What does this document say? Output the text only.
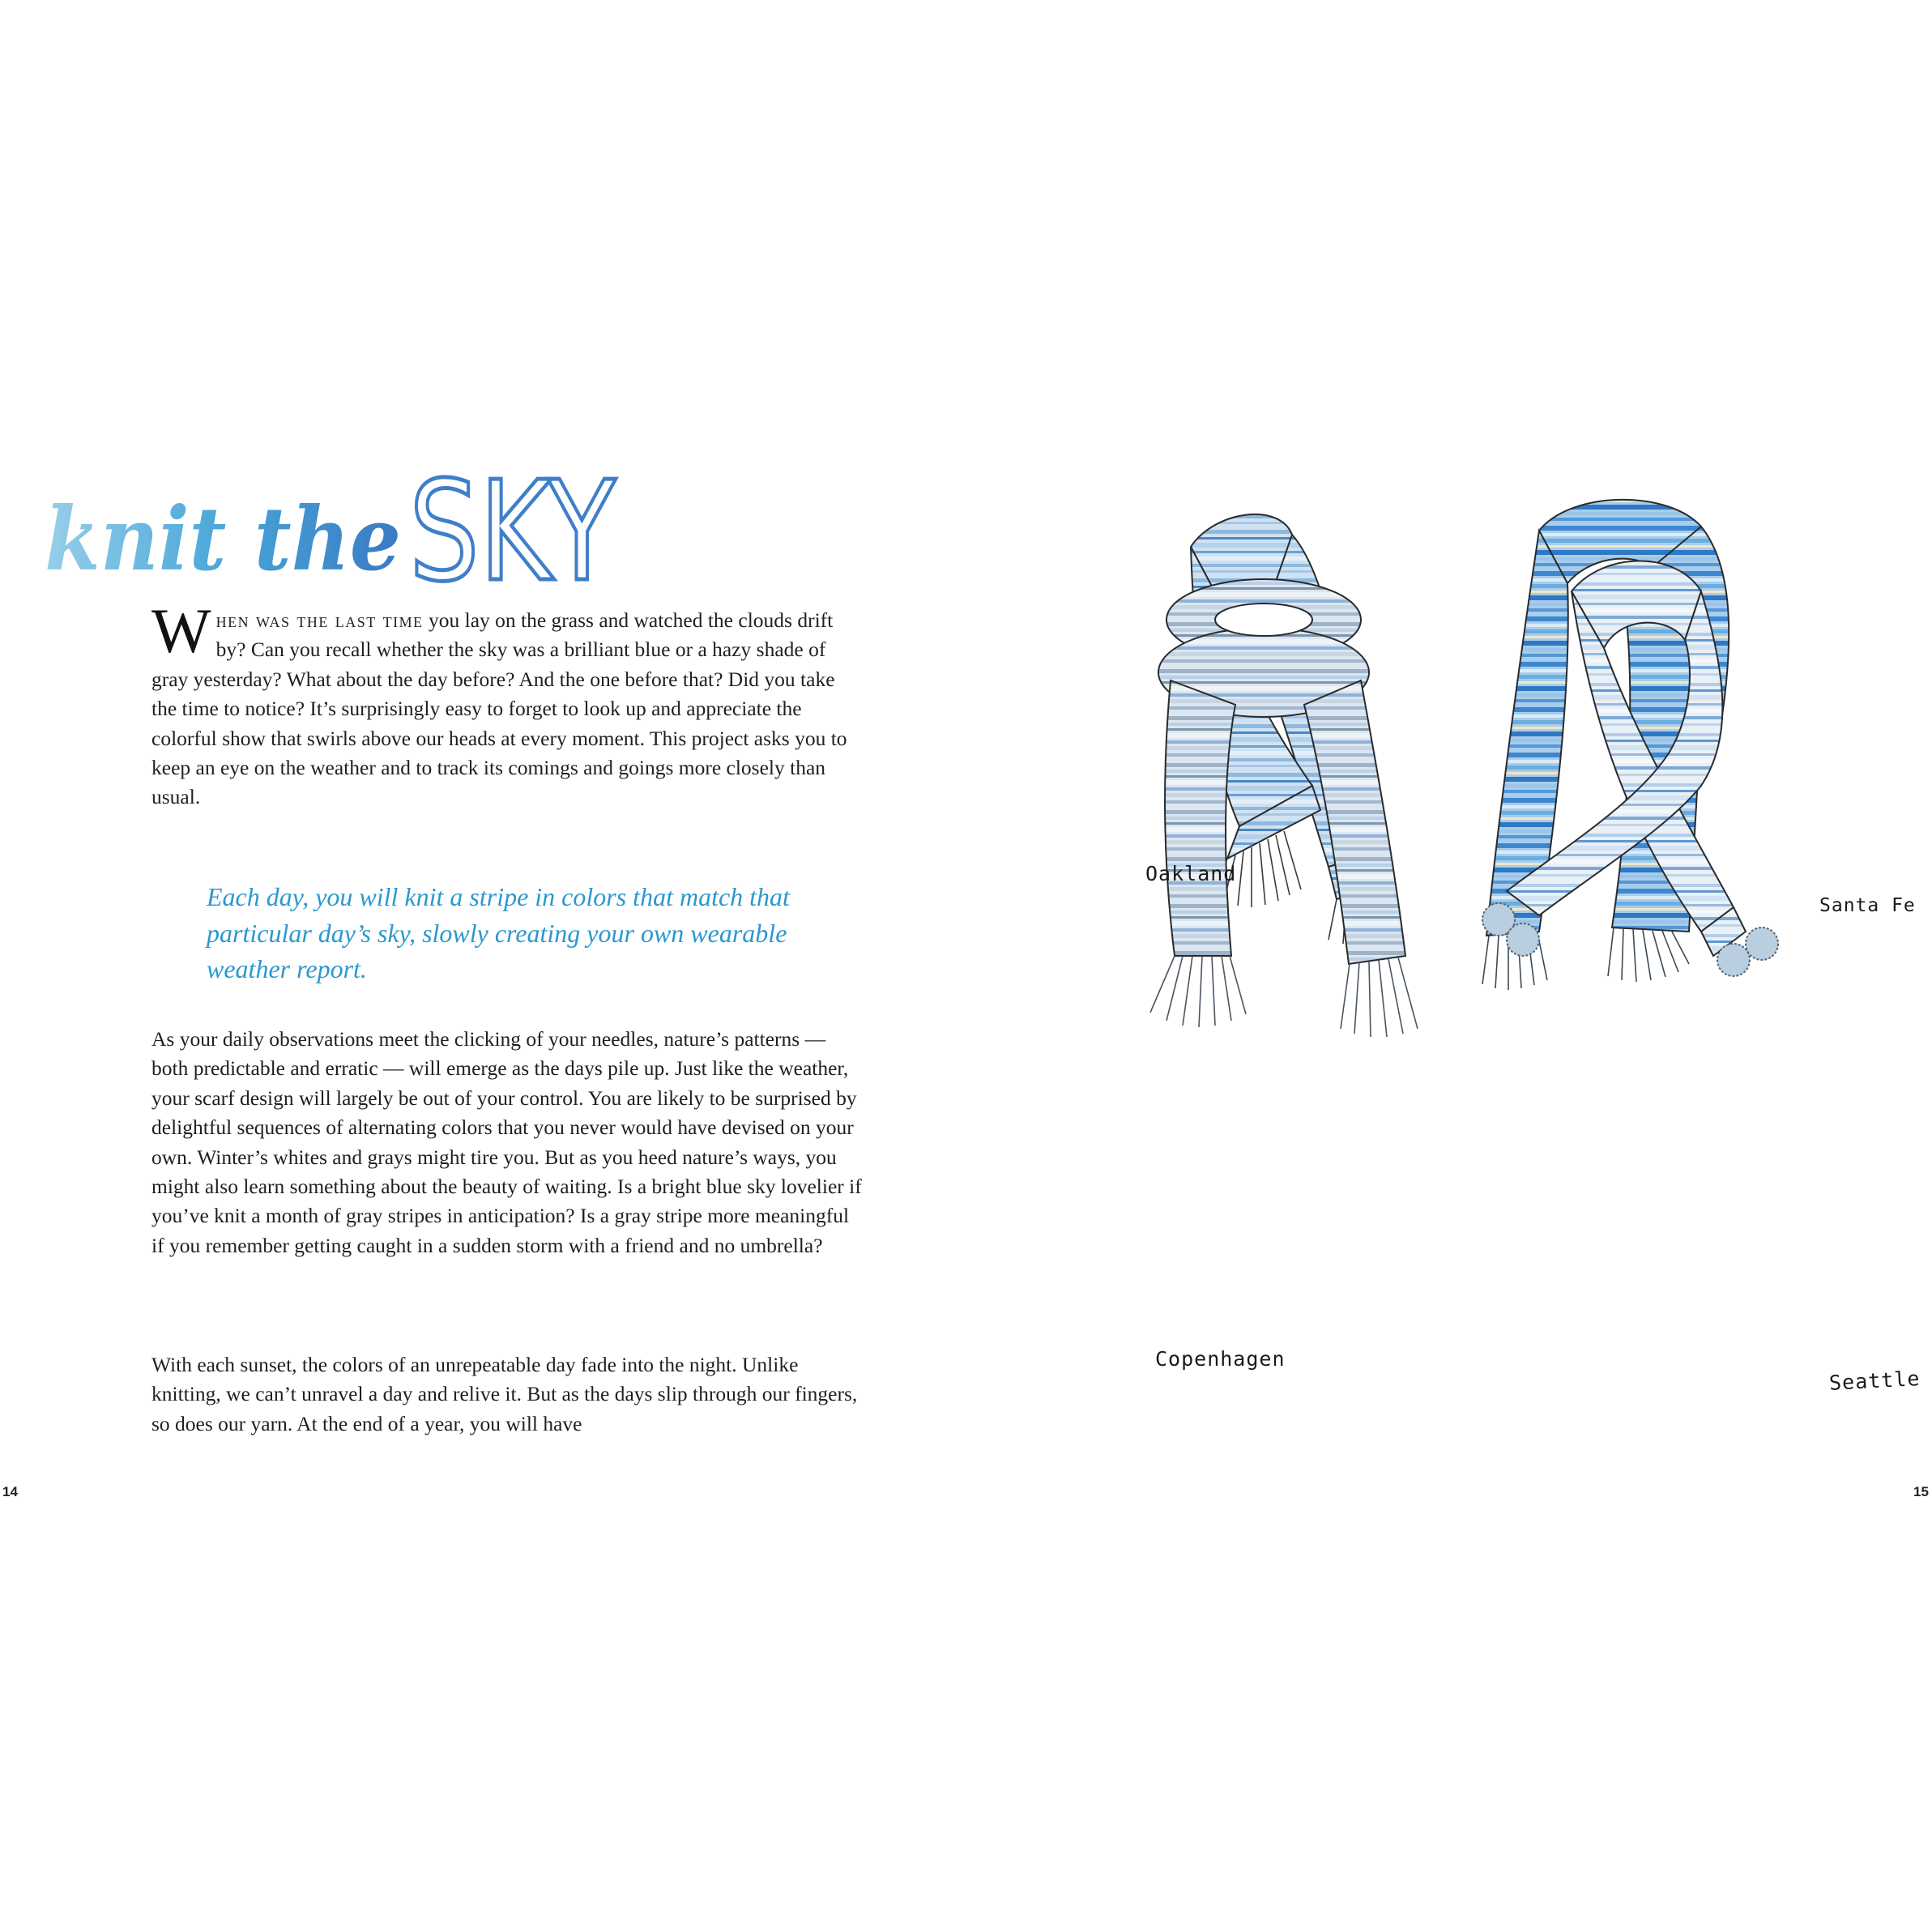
knit the SKY

When was the last time you lay on the grass and watched the clouds drift by? Can you recall whether the sky was a brilliant blue or a hazy shade of gray yesterday? What about the day before? And the one before that? Did you take the time to notice? It’s surprisingly easy to forget to look up and appreciate the colorful show that swirls above our heads at every moment. This project asks you to keep an eye on the weather and to track its comings and goings more closely than usual.

Each day, you will knit a stripe in colors that match that particular day’s sky, slowly creating your own wearable weather report.

As your daily observations meet the clicking of your needles, nature’s patterns — both predictable and erratic — will emerge as the days pile up. Just like the weather, your scarf design will largely be out of your control. You are likely to be surprised by delightful sequences of alternating colors that you never would have devised on your own. Winter’s whites and grays might tire you. But as you heed nature’s ways, you might also learn something about the beauty of waiting. Is a bright blue sky lovelier if you’ve knit a month of gray stripes in anticipation? Is a gray stripe more meaningful if you remember getting caught in a sudden storm with a friend and no umbrella?

With each sunset, the colors of an unrepeatable day fade into the night. Unlike knitting, we can’t unravel a day and relive it. But as the days slip through our fingers, so does our yarn. At the end of a year, you will have

14	15
Oakland
Santa Fe
Copenhagen
Seattle
